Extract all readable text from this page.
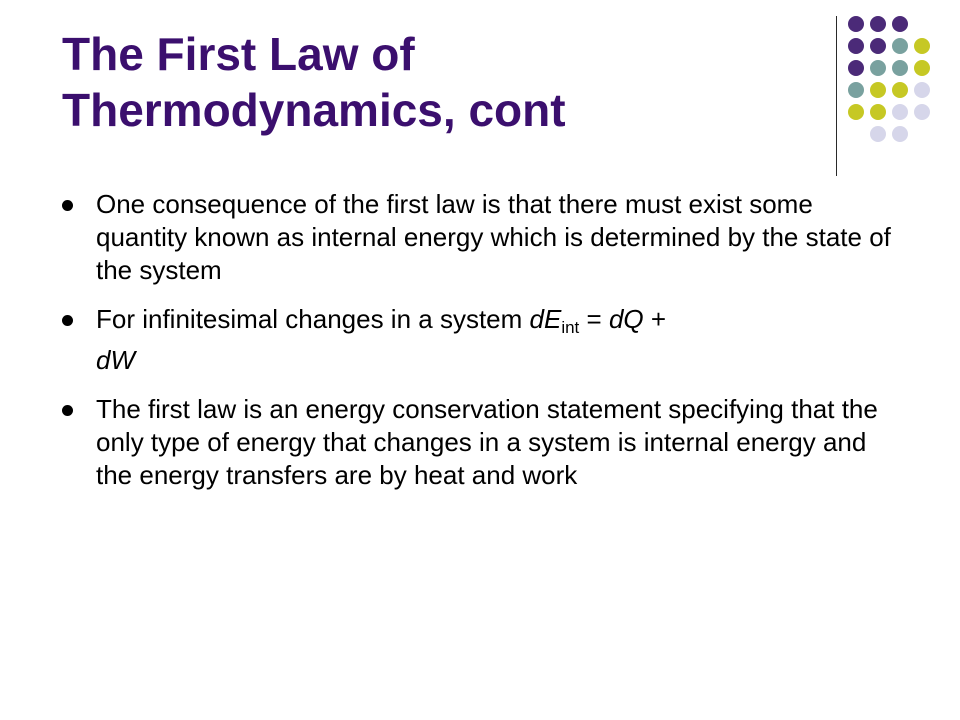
The First Law of
Thermodynamics, cont
One consequence of the first law is that there must exist some quantity known as internal energy which is determined by the state of the system
For infinitesimal changes in a system $dE_{int}$ = dQ +
dW
The first law is an energy conservation statement specifying that the only type of energy that changes in a system is internal energy and the energy transfers are by heat and work
